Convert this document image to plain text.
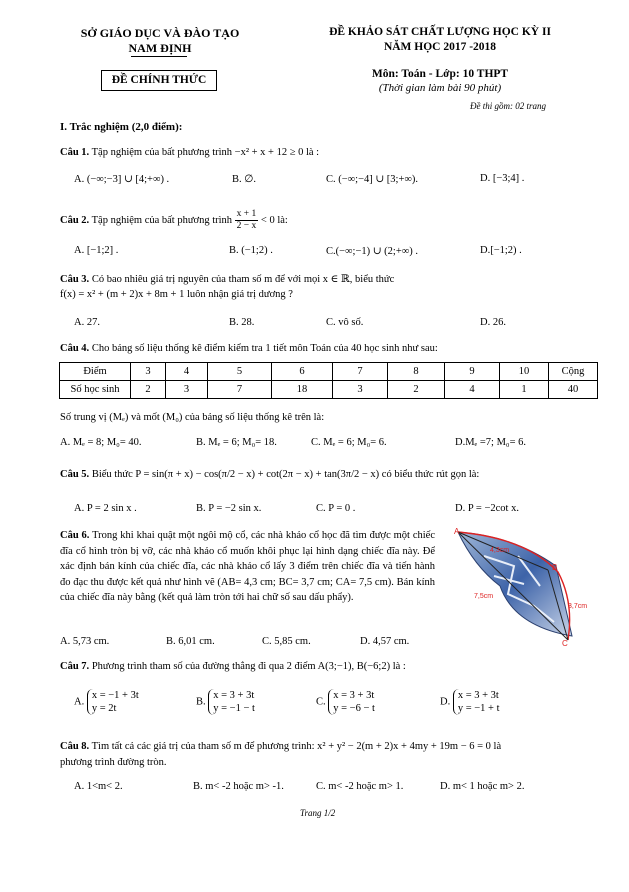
SỞ GIÁO DỤC VÀ ĐÀO TẠO
NAM ĐỊNH
ĐỀ CHÍNH THỨC
ĐỀ KHẢO SÁT CHẤT LƯỢNG HỌC KỲ II
NĂM HỌC 2017 -2018
Môn: Toán - Lớp: 10 THPT
(Thời gian làm bài 90 phút)
Đề thi gồm: 02 trang
I. Trắc nghiệm (2,0 điểm):
Câu 1. Tập nghiệm của bất phương trình −x² + x + 12 ≥ 0 là :
A. (−∞;−3] ∪ [4;+∞) .	B. ∅.	C. (−∞;−4] ∪ [3;+∞).	D. [−3;4] .
Câu 2. Tập nghiệm của bất phương trình $\frac{x + 1}{2 - x} < 0$ là:
A. [−1;2] .	B. (−1;2) .	C.(−∞;−1) ∪ (2;+∞) .	D.[−1;2) .
Câu 3. Có bao nhiêu giá trị nguyên của tham số m để với mọi x ∈ ℝ, biểu thức
f(x) = x² + (m + 2)x + 8m + 1 luôn nhận giá trị dương ?
A. 27.	B. 28.	C. vô số.	D. 26.
Câu 4. Cho bảng số liệu thống kê điểm kiểm tra 1 tiết môn Toán của 40 học sinh như sau:
Điểm	3	4	5	6	7	8	9	10	Cộng
Số học sinh	2	3	7	18	3	2	4	1	40
Số trung vị (Mₑ) và mốt (M₀) của bảng số liệu thống kê trên là:
A. Mₑ = 8; M₀= 40.	B. Mₑ = 6; M₀= 18.	C. Mₑ = 6; M₀= 6.	D.Mₑ =7; M₀= 6.
Câu 5. Biểu thức P = sin(π + x) − cos(π/2 − x) + cot(2π − x) + tan(3π/2 − x) có biểu thức rút gọn là:
A. P = 2 sin x .	B. P = −2 sin x.	C. P = 0 .	D. P = −2cot x.
Câu 6. Trong khi khai quật một ngôi mộ cổ, các nhà khảo cổ học đã tìm được một chiếc đĩa cổ hình tròn bị vỡ, các nhà khảo cổ muốn khôi phục lại hình dạng chiếc đĩa này. Để xác định bán kính của chiếc đĩa, các nhà khảo cổ lấy 3 điểm trên chiếc đĩa và tiến hành đo đạc thu được kết quả như hình vẽ (AB= 4,3 cm; BC= 3,7 cm; CA= 7,5 cm). Bán kính của chiếc đĩa này bằng (kết quả làm tròn tới hai chữ số sau dấu phẩy).
A
B
C
4,3cm
7,5cm
3,7cm
A. 5,73 cm.	B. 6,01 cm.	C. 5,85 cm.	D. 4,57 cm.
Câu 7. Phương trình tham số của đường thẳng đi qua 2 điểm A(3;−1), B(−6;2) là :
A.
x = −1 + 3t
y = 2t
B.
x = 3 + 3t
y = −1 − t
C.
x = 3 + 3t
y = −6 − t
D.
x = 3 + 3t
y = −1 + t
Câu 8. Tìm tất cả các giá trị của tham số m để phương trình: x² + y² − 2(m + 2)x + 4my + 19m − 6 = 0 là
phương trình đường tròn.
A. 1<m< 2.	B. m< -2 hoặc m> -1.	C. m< -2 hoặc m> 1.	D. m< 1 hoặc m> 2.
Trang 1/2
